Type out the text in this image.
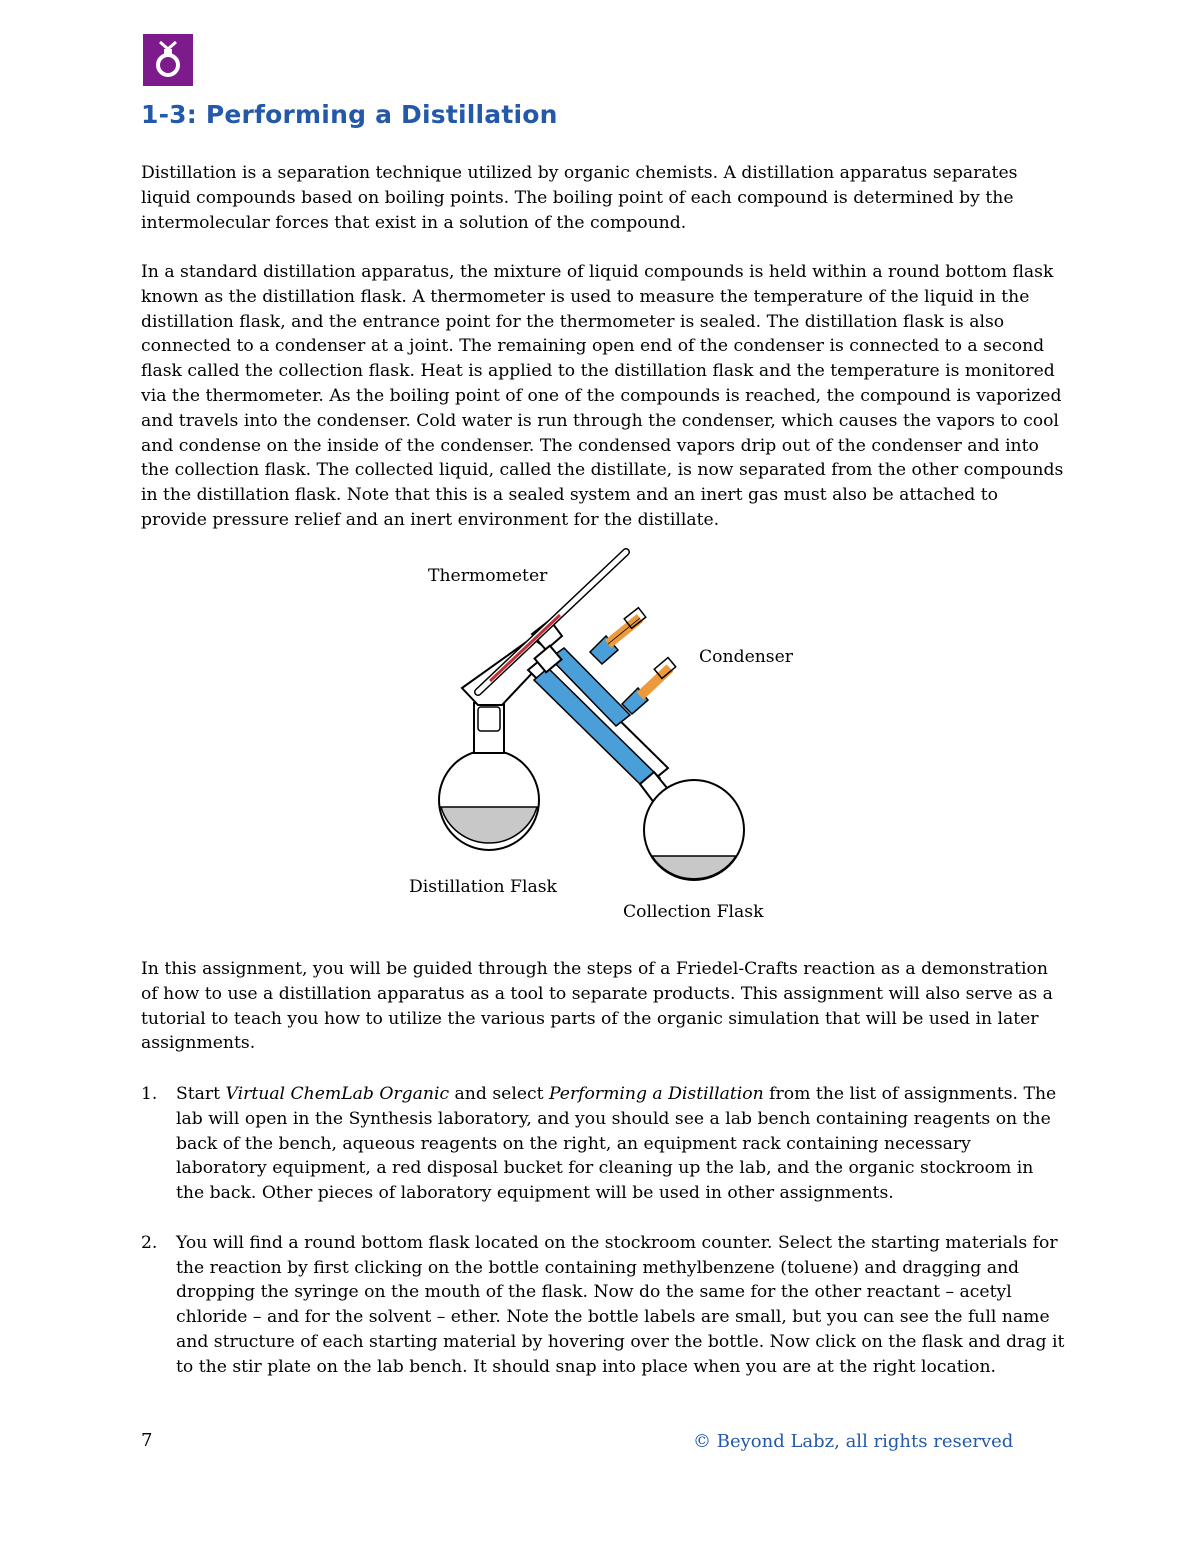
1-3: Performing a Distillation

Distillation is a separation technique utilized by organic chemists. A distillation apparatus separates liquid compounds based on boiling points. The boiling point of each compound is determined by the intermolecular forces that exist in a solution of the compound.

In a standard distillation apparatus, the mixture of liquid compounds is held within a round bottom flask known as the distillation flask. A thermometer is used to measure the temperature of the liquid in the distillation flask, and the entrance point for the thermometer is sealed. The distillation flask is also connected to a condenser at a joint. The remaining open end of the condenser is connected to a second flask called the collection flask. Heat is applied to the distillation flask and the temperature is monitored via the thermometer. As the boiling point of one of the compounds is reached, the compound is vaporized and travels into the condenser. Cold water is run through the condenser, which causes the vapors to cool and condense on the inside of the condenser. The condensed vapors drip out of the condenser and into the collection flask. The collected liquid, called the distillate, is now separated from the other compounds in the distillation flask. Note that this is a sealed system and an inert gas must also be attached to provide pressure relief and an inert environment for the distillate.

Thermometer
Condenser
Distillation Flask
Collection Flask

In this assignment, you will be guided through the steps of a Friedel-Crafts reaction as a demonstration of how to use a distillation apparatus as a tool to separate products. This assignment will also serve as a tutorial to teach you how to utilize the various parts of the organic simulation that will be used in later assignments.

1. Start Virtual ChemLab Organic and select Performing a Distillation from the list of assignments. The lab will open in the Synthesis laboratory, and you should see a lab bench containing reagents on the back of the bench, aqueous reagents on the right, an equipment rack containing necessary laboratory equipment, a red disposal bucket for cleaning up the lab, and the organic stockroom in the back. Other pieces of laboratory equipment will be used in other assignments.
2. You will find a round bottom flask located on the stockroom counter. Select the starting materials for the reaction by first clicking on the bottle containing methylbenzene (toluene) and dragging and dropping the syringe on the mouth of the flask. Now do the same for the other reactant – acetyl chloride – and for the solvent – ether. Note the bottle labels are small, but you can see the full name and structure of each starting material by hovering over the bottle. Now click on the flask and drag it to the stir plate on the lab bench. It should snap into place when you are at the right location.
7	© Beyond Labz, all rights reserved
